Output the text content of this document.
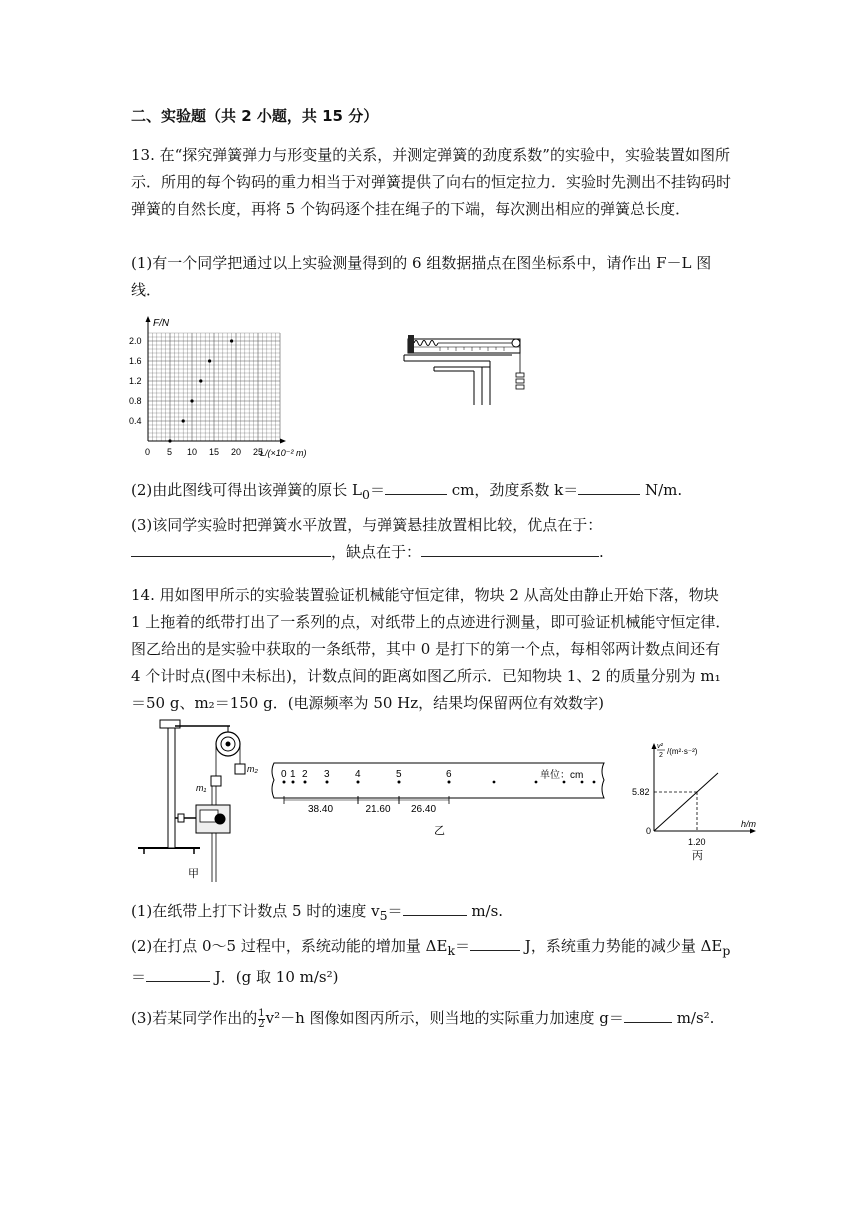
二、实验题（共 2 小题，共 15 分）

13. 在“探究弹簧弹力与形变量的关系，并测定弹簧的劲度系数”的实验中，实验装置如图所示．所用的每个钩码的重力相当于对弹簧提供了向右的恒定拉力．实验时先测出不挂钩码时弹簧的自然长度，再将 5 个钩码逐个挂在绳子的下端，每次测出相应的弹簧总长度．

(1)有一个同学把通过以上实验测量得到的 6 组数据描点在图坐标系中，请作出 F－L 图线．

F/N
L/(×10⁻² m)
0.4
0.8
1.2
1.6
2.0
0 5 10 15 20 25

(2)由此图线可得出该弹簧的原长 $L_0=$	cm，劲度系数 k＝	N/m.

(3)该同学实验时把弹簧水平放置，与弹簧悬挂放置相比较，优点在于：

，缺点在于：	.

14. 用如图甲所示的实验装置验证机械能守恒定律，物块 2 从高处由静止开始下落，物块 1 上拖着的纸带打出了一系列的点，对纸带上的点迹进行测量，即可验证机械能守恒定律．图乙给出的是实验中获取的一条纸带，其中 0 是打下的第一个点，每相邻两计数点间还有 4 个计时点(图中未标出)，计数点间的距离如图乙所示．已知物块 1、2 的质量分别为 m₁＝50 g、m₂＝150 g．(电源频率为 50 Hz，结果均保留两位有效数字)

m₂
m₁
甲
单位：cm
0 1 2 3	4	5	6
38.40	21.60 26.40
乙
v²
2 /(m²·s⁻²)
5.82
0
1.20
h/m
丙

(1)在纸带上打下计数点 5 时的速度 $v_5=$	m/s.

(2)在打点 0～5 过程中，系统动能的增加量 $\Delta E_k=$	J，系统重力势能的减少量 $\Delta E_p$
＝	J．(g 取 10 m/s²)

(3)若某同学作出的 $\frac{1}{2} v^2-h$ 图像如图丙所示，则当地的实际重力加速度 g＝	m/s².
